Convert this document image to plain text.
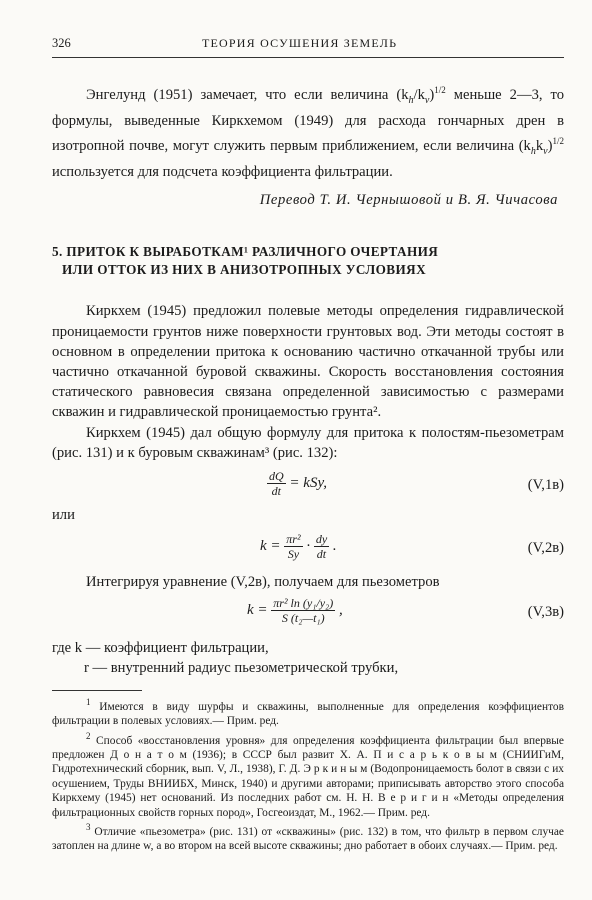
326	ТЕОРИЯ ОСУШЕНИЯ ЗЕМЕЛЬ

Энгелунд (1951) замечает, что если величина $(k_h/k_v)^{1/2}$ меньше 2—3, то формулы, выведенные Киркхемом (1949) для расхода гончарных дрен в изотропной почве, могут служить первым приближением, если величина $(k_hk_v)^{1/2}$ используется для подсчета коэффициента фильтрации.

Перевод Т. И. Чернышовой и В. Я. Чичасова
5. ПРИТОК К ВЫРАБОТКАМ¹ РАЗЛИЧНОГО ОЧЕРТАНИЯ
ИЛИ ОТТОК ИЗ НИХ В АНИЗОТРОПНЫХ УСЛОВИЯХ

Киркхем (1945) предложил полевые методы определения гидравлической проницаемости грунтов ниже поверхности грунтовых вод. Эти методы состоят в основном в определении притока к основанию частично откачанной трубы или частично откачанной буровой скважины. Скорость восстановления состояния статического равновесия связана определенной зависимостью с размерами скважин и гидравлической проницаемостью грунта².

Киркхем (1945) дал общую формулу для притока к полостям-пьезометрам (рис. 131) и к буровым скважинам³ (рис. 132):

$\frac{dQ}{dt}$ = kSy,	(V,1в)
или
$k = \frac{\text{πr²}}{Sy} \cdot \frac{dy}{dt}$ .	(V,2в)

Интегрируя уравнение (V,2в), получаем для пьезометров

$k = \frac{\text{πr² ln (y₁/y₂)}}{\text{S (t₂—t₁)}}$ ,	(V,3в)
где k — коэффициент фильтрации,
r — внутренний радиус пьезометрической трубки,

$^1$ Имеются в виду шурфы и скважины, выполненные для определения коэффициентов фильтрации в полевых условиях.— Прим. ред.

$^2$ Способ «восстановления уровня» для определения коэффициента фильтрации был впервые предложен Д о н а т о м (1936); в СССР был развит Х. А. П и с а р ь к о в ы м (СНИИГиМ, Гидротехнический сборник, вып. V, Л., 1938), Г. Д. Э р к и н ы м (Водопроницаемость болот в связи с их осушением, Труды ВНИИБХ, Минск, 1940) и другими авторами; приписывать авторство этого способа Киркхему (1945) нет оснований. Из последних работ см. Н. Н. В е р и г и н «Методы определения фильтрационных свойств горных пород», Госгеоиздат, М., 1962.— Прим. ред.

$^3$ Отличие «пьезометра» (рис. 131) от «скважины» (рис. 132) в том, что фильтр в первом случае затоплен на длине w, а во втором на всей высоте скважины; дно работает в обоих случаях.— Прим. ред.
